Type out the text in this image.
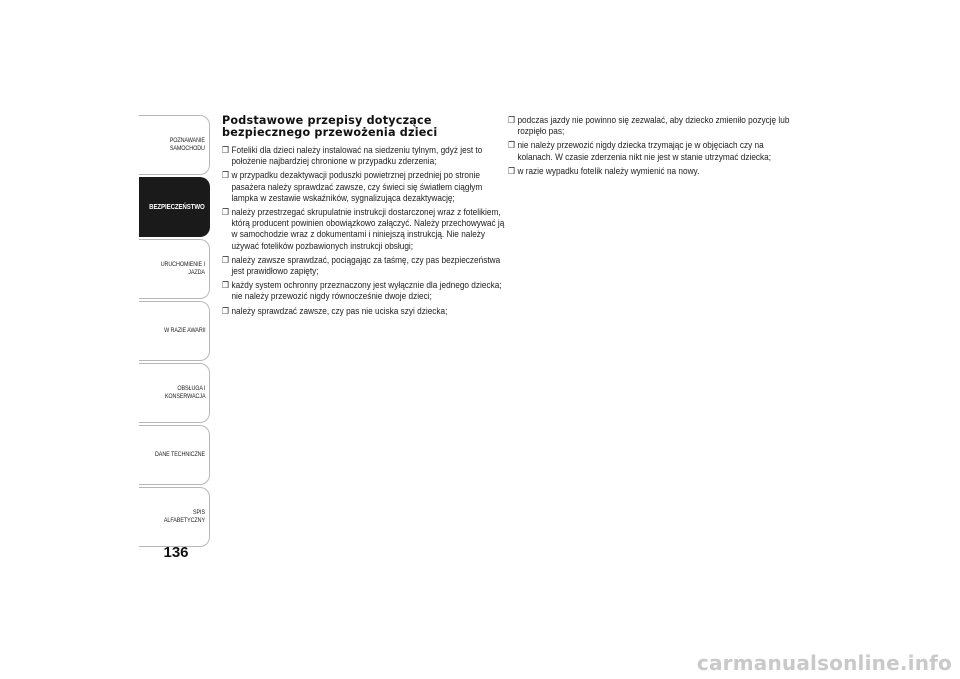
POZNAWANIE
SAMOCHODU
BEZPIECZEŃSTWO
URUCHOMIENIE I
JAZDA
W RAZIE AWARII
OBSŁUGA I
KONSERWACJA
DANE TECHNICZNE
SPIS ALFABETYCZNY
136
Podstawowe przepisy dotyczące bezpiecznego przewożenia dzieci
❐ Foteliki dla dzieci należy instalować na siedzeniu tylnym, gdyż jest to położenie najbardziej chronione w przypadku zderzenia;
❐ w przypadku dezaktywacji poduszki powietrznej przedniej po stronie pasażera należy sprawdzać zawsze, czy świeci się światłem ciągłym lampka w zestawie wskaźników, sygnalizująca dezaktywację;
❐ należy przestrzegać skrupulatnie instrukcji dostarczonej wraz z fotelikiem, którą producent powinien obowiązkowo załączyć. Należy przechowywać ją w samochodzie wraz z dokumentami i niniejszą instrukcją. Nie należy używać fotelików pozbawionych instrukcji obsługi;
❐ należy zawsze sprawdzać, pociągając za taśmę, czy pas bezpieczeństwa jest prawidłowo zapięty;
❐ każdy system ochronny przeznaczony jest wyłącznie dla jednego dziecka; nie należy przewozić nigdy równocześnie dwoje dzieci;
❐ należy sprawdzać zawsze, czy pas nie uciska szyi dziecka;
❐ podczas jazdy nie powinno się zezwalać, aby dziecko zmieniło pozycję lub rozpięło pas;
❐ nie należy przewozić nigdy dziecka trzymając je w objęciach czy na kolanach. W czasie zderzenia nikt nie jest w stanie utrzymać dziecka;
❐ w razie wypadku fotelik należy wymienić na nowy.
carmanualsonline.info
